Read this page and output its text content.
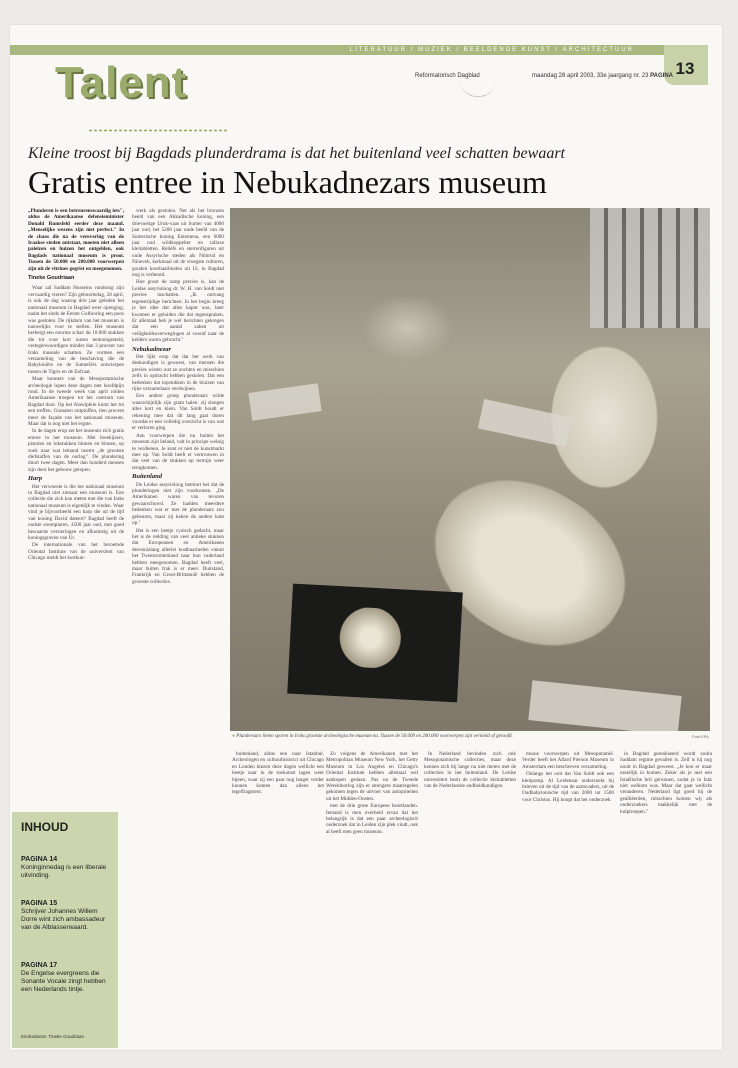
LITERATUUR / MUZIEK / BEELDENDE KUNST / ARCHITECTUUR
13
Talent	Reformatorisch Dagblad	maandag 28 april 2003, 33e jaargang nr. 23 PAGINA
Kleine troost bij Bagdads plunderdrama is dat het buitenland veel schatten bewaart
Gratis entree in Nebukadnezars museum

„Plunderen is een betreurenswaardig iets", aldus de Amerikaanse defensieminister Donald Rumsfeld eerder deze maand. „Menselijke wezens zijn niet perfect." In de chaos die na de verovering van de Iraakse steden ontstaat, moeten niet alleen paleizen en huizen het ontgelden, ook Bagdads nationaal museum is prooi. Tussen de 50.000 en 200.000 voorwerpen zijn uit de vitrines gegrist en meegenomen.

Tineke Goudriaan

Waar zal Saddam Husseins vandoing zijn vervaardig vieren? Zijn geboortedag, 28 april, is ook de dag waarop drie jaar geleden het nationaal museum in Bagdad weer openging, nadat het sinds de Eerste Golfoorlog een poos was gesloten. De rijkdom van het museum is nauwelijks voor te stellen. Het museum herbergt een enorme schat: de 10.000 stukken die tot voor kort waren tentoongesteld, vertegenwoordigen minder dan 3 procent van Iraks museale schatten. Ze vormen een verzameling van de beschaving die de Babyloniërs en de Sumeriërs ontwierpen tussen de Tigris en de Eufraat.

Maar kunners van de Mesopotamische archeologie lopen deze dagen met hoofdpijn rond. In de tweede week van april rolden Amerikaanse troepen tot het centrum van Bagdad door. Op het Alawiplein komt het tot een treffen. Granaten ontploffen, tien procent meer de façade van het nationaal museum. Maar dat is nog niet het ergste.

In de dagen erop zet het museum zich gratis entree in het museum. Met breekijzers, pistolen en lokstukken binnen en binnen, op zoek naar wat iemand noemt „de grootste diefstaffen van de oorlog". De plundering duurt twee dagen. Meer dan honderd mensen zijn door het gebouw gelopen.

Harp

Het verwoeste is die het nationaal museum in Bagdad niet zomaar een museum is. Een collectie die zich kan meten met die van Iraks nationaal museum is eigenlijk te vinden. Waar vind je bijvoorbeeld een harp die uit de tijd van koning David dateert? Bagdad heeft de oudste exemplaren, 4500 jaar oud, met goed bewaarde versieringen en afkomstig uit de koningsgraven van Ur.

De internationale van het beroemde Oriental Institute van de universiteit van Chicago meldt het kortkun-

werk als gestolen. Net als het bronzen beeld van een Akkadische koning, een drievoetige Uruk-vaas uit Sumer van 4000 jaar oud, het 5200 jaar oude beeld van de Sumerische koning Entemena, een 6000 jaar oud wildkoppelter en talloze kleitabletten. Reliëfs en sterrenfiguren uit oude Assyrische steden als Nimrud en Nineveh, kerkmaal uit de vroegste culturen, gouden koorhaarbieden uit Ur, in Bagdad nog is verbeurd.

Hoe groot de ramp precies is, kan de Leidse assyrioloog dr. W. H. van Soldt niet precies inschatten. „Ik ontvang tegenstrijdige berichten. In het begin kreeg je het idee dat alles kapot was, later kwamen er geluiden die dat tegenspraken. Er allemaal heb je wel berichten gekregen dat een aantal zaken uit veiligheidsoverwegingen al vooraf naar de kelders waren gebracht."

Nebukadnezar

Het lijkt erop dat dat het werk van deskundigen is geweest, van mensen die precies wisten wat ze zochten en misschien zelfs in opdracht hebben gestolen. Dat een bedenken dat topstukken in de kluizen van rijke verzamelaars verdwijnen.

Een andere groep plunderaars wilde waarschijnlijk zijn gram halen: zij sloegen alles kort en klein. Van Soldt houdt er rekening mee dat dit lang gaat duren voordat er een volledig overzicht is van wat er verloren ging.

Aan voorwerpen die nu buiten het museum zijn beland, valt in principe weinig te verdienen. Je kunt er niet de kunstmarkt mee op. Van Soldt heeft er vertrouwen in dat veel van de stukken op termijn weer terugkomen.

Buitenland

De Leidse assyrioloog betreurt het dat de plunderingen niet zijn voorkomen. „De Amerikanen waren van tevoren gewaarschuwd. Ze hadden meerdere bedenken wat er met de plunderaars zou gebeuren, maar zij keken de andere kant op."

Het is een beetje cynisch gedacht, maar het is de redding van veel antieke stukken dat Europeanen en Amerikanen decennialang allerlei kostbaarheden vanuit het Tweestromenland naar hun vaderland hebben meegenomen. Bagdad heeft veel, maar buiten Irak is er meer. Duitsland, Frankrijk en Groot-Brittannië hebben de grootste collecties.

● Plunderaars lieten sporen in Iraks grootste archeologische museum na. Tussen de 50.000 en 200.000 voorwerpen zijn vernield of geroofd.	Foto EPA

buitenland, aldus een naar Istanbul. Archeologen en cultuurhistorici uit Chicago en Londen kiezen deze dagen wellicht een beetje naar in de toekomst lagen weer bijeen, waar zij een paar nog langer verder kunnen komen dan alleen het tegelfragment.

Zo volgens de Amerikanen met het Metropolitan Museum New York, het Getty Museum in Los Angeles en Chicago's Oriental Institute hebben allemaal wel aankopen gedaan. Pas na de Tweede Wereldoorlog zijn er strengere maatregelen gekomen tegen de uitvoer van antiquiteiten uit het Midden-Oosten.

met de drie grote Europese bezetlanden. Iemand is men overheid ervan dat het belangrijk is dat een paar archeologisch onderzoek dat in Leiden zijn plek vindt, ook al heeft men geen museum.

In Nederland bevinden zich ook Mesopotamische collecties, maar deze kennen zich bij lange na niet meten met de collecties in het buitenland. De Leidse universiteit bezit de collectie kleitabletten van de Nederlandse oudheidkundigen.

mooie voorwerpen uit Mesopotamië. Verder heeft het Allard Pierson Museum in Amsterdam een beschreven verzameling.

Onlangs het ooit dat Van Soldt ook een kleitpomp. Al Leidenaar onderzoekt hij brieven uit de tijd van de aartsvaders, uit de Oudbabylonische tijd van 2000 tot 1500 voor Christus. Hij hoopt dat het onderzoek

in Bagdad gerealiseerd wordt zodra Saddam regime gevallen is. Zelf is hij nog nooit in Bagdad geweest. „Je kon er maar moeilijk in komen. Zeker als je met een Israëlische bril geronnen, zodat je in Irak niet welkom was. Maar dat gaat wellicht veranderen. Nederland ligt goed bij de gealliëerden, misschien komen wij als onderzoekers makkelijk met de hulptroepen."

INHOUD
PAGINA 14
Koninginnedag is een liberale uitvinding.
PAGINA 15
Schrijver Johannes Willem Dorre wint zich ambassadeur van de Alblasserwaard.
PAGINA 17
De Engelse evergreens die Sonante Vocale zingt hebben een Nederlands tintje.
Eindredactie: Tineke Goudriaan
